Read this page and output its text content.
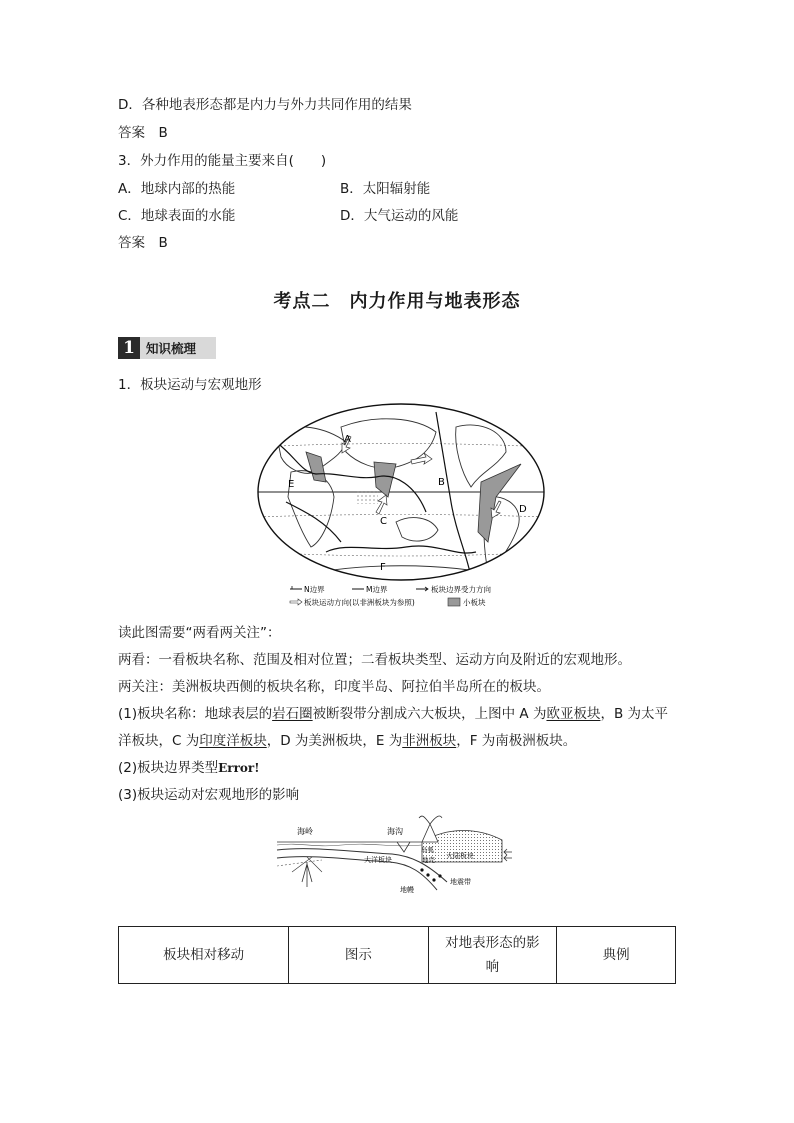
D．各种地表形态都是内力与外力共同作用的结果
答案　B
3．外力作用的能量主要来自(　　)
A．地球内部的热能	B．太阳辐射能
C．地球表面的水能	D．大气运动的风能
答案　B
考点二　内力作用与地表形态
1 知识梳理
1．板块运动与宏观地形
A
B
C
D
E
F
N边界	M边界	板块边界受力方向
板块运动方向(以非洲板块为参照)	小板块
读此图需要“两看两关注”：
两看：一看板块名称、范围及相对位置；二看板块类型、运动方向及附近的宏观地形。
两关注：美洲板块西侧的板块名称，印度半岛、阿拉伯半岛所在的板块。
(1)板块名称：地球表层的岩石圈被断裂带分割成六大板块，上图中 A 为欧亚板块，B 为太平
洋板块，C 为印度洋板块，D 为美洲板块，E 为非洲板块，F 为南极洲板块。
(2)板块边界类型Error!
(3)板块运动对宏观地形的影响
海岭	海沟
大洋板块	大陆板块
岛弧
地壳
地震带
地幔
板块相对移动	图示	对地表形态的影响	典例
